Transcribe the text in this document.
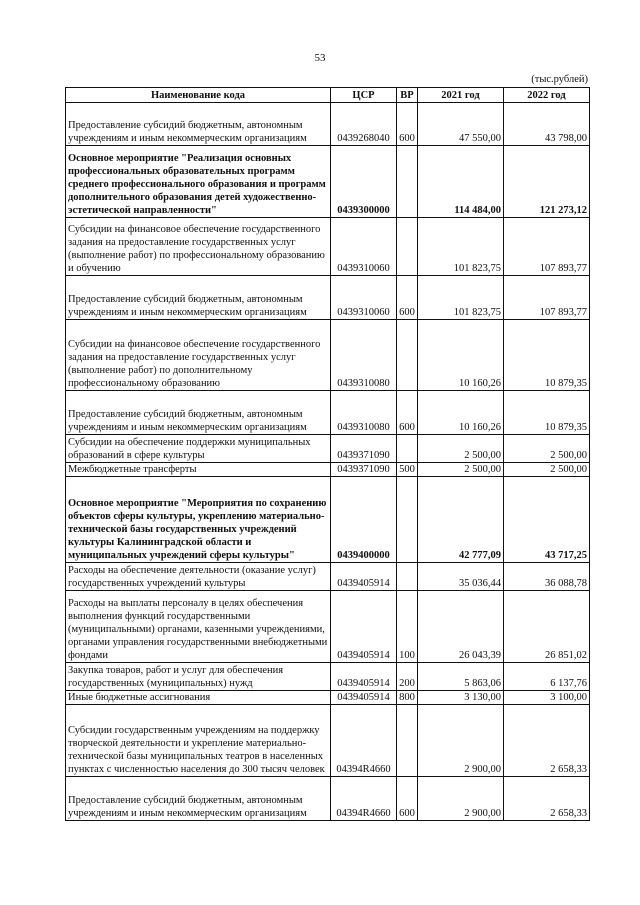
53
(тыс.рублей)
Наименование кода	ЦСР	ВР	2021 год	2022 год
Предоставление субсидий бюджетным, автономным учреждениям и иным некоммерческим организациям	0439268040	600	47 550,00	43 798,00
Основное мероприятие "Реализация основных профессиональных образовательных программ среднего профессионального образования и программ дополнительного образования детей художественно-эстетической направленности"	0439300000		114 484,00	121 273,12
Субсидии на финансовое обеспечение государственного задания на предоставление государственных услуг (выполнение работ) по профессиональному образованию и обучению	0439310060		101 823,75	107 893,77
Предоставление субсидий бюджетным, автономным учреждениям и иным некоммерческим организациям	0439310060	600	101 823,75	107 893,77
Субсидии на финансовое обеспечение государственного задания на предоставление государственных услуг (выполнение работ) по дополнительному профессиональному образованию	0439310080		10 160,26	10 879,35
Предоставление субсидий бюджетным, автономным учреждениям и иным некоммерческим организациям	0439310080	600	10 160,26	10 879,35
Субсидии на обеспечение поддержки муниципальных образований в сфере культуры	0439371090		2 500,00	2 500,00
Межбюджетные трансферты	0439371090	500	2 500,00	2 500,00
Основное мероприятие "Мероприятия по сохранению объектов сферы культуры, укреплению материально-технической базы государственных учреждений культуры Калининградской области и муниципальных учреждений сферы культуры"	0439400000		42 777,09	43 717,25
Расходы на обеспечение деятельности (оказание услуг) государственных учреждений культуры	0439405914		35 036,44	36 088,78
Расходы на выплаты персоналу в целях обеспечения выполнения функций государственными (муниципальными) органами, казенными учреждениями, органами управления государственными внебюджетными фондами	0439405914	100	26 043,39	26 851,02
Закупка товаров, работ и услуг для обеспечения государственных (муниципальных) нужд	0439405914	200	5 863,06	6 137,76
Иные бюджетные ассигнования	0439405914	800	3 130,00	3 100,00
Субсидии государственным учреждениям на поддержку творческой деятельности и укрепление материально-технической базы муниципальных театров в населенных пунктах с численностью населения до 300 тысяч человек	04394R4660		2 900,00	2 658,33
Предоставление субсидий бюджетным, автономным учреждениям и иным некоммерческим организациям	04394R4660	600	2 900,00	2 658,33
